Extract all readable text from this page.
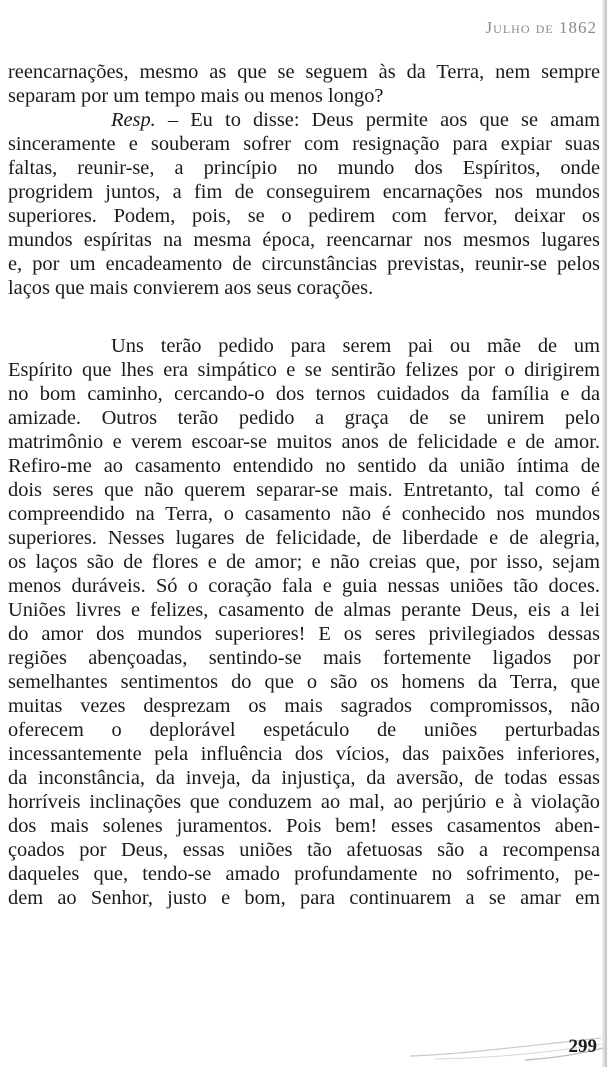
Julho de 1862

reencarnações, mesmo as que se seguem às da Terra, nem sempre
separam por um tempo mais ou menos longo?

Resp. – Eu to disse: Deus permite aos que se amam
sinceramente e souberam sofrer com resignação para expiar suas
faltas, reunir-se, a princípio no mundo dos Espíritos, onde
progridem juntos, a fim de conseguirem encarnações nos mundos
superiores. Podem, pois, se o pedirem com fervor, deixar os
mundos espíritas na mesma época, reencarnar nos mesmos lugares
e, por um encadeamento de circunstâncias previstas, reunir-se pelos
laços que mais convierem aos seus corações.

Uns terão pedido para serem pai ou mãe de um
Espírito que lhes era simpático e se sentirão felizes por o dirigirem
no bom caminho, cercando-o dos ternos cuidados da família e da
amizade. Outros terão pedido a graça de se unirem pelo
matrimônio e verem escoar-se muitos anos de felicidade e de amor.
Refiro-me ao casamento entendido no sentido da união íntima de
dois seres que não querem separar-se mais. Entretanto, tal como é
compreendido na Terra, o casamento não é conhecido nos mundos
superiores. Nesses lugares de felicidade, de liberdade e de alegria,
os laços são de flores e de amor; e não creias que, por isso, sejam
menos duráveis. Só o coração fala e guia nessas uniões tão doces.
Uniões livres e felizes, casamento de almas perante Deus, eis a lei
do amor dos mundos superiores! E os seres privilegiados dessas
regiões abençoadas, sentindo-se mais fortemente ligados por
semelhantes sentimentos do que o são os homens da Terra, que
muitas vezes desprezam os mais sagrados compromissos, não
oferecem o deplorável espetáculo de uniões perturbadas
incessantemente pela influência dos vícios, das paixões inferiores,
da inconstância, da inveja, da injustiça, da aversão, de todas essas
horríveis inclinações que conduzem ao mal, ao perjúrio e à violação
dos mais solenes juramentos. Pois bem! esses casamentos aben-
çoados por Deus, essas uniões tão afetuosas são a recompensa
daqueles que, tendo-se amado profundamente no sofrimento, pe-
dem ao Senhor, justo e bom, para continuarem a se amar em

299
